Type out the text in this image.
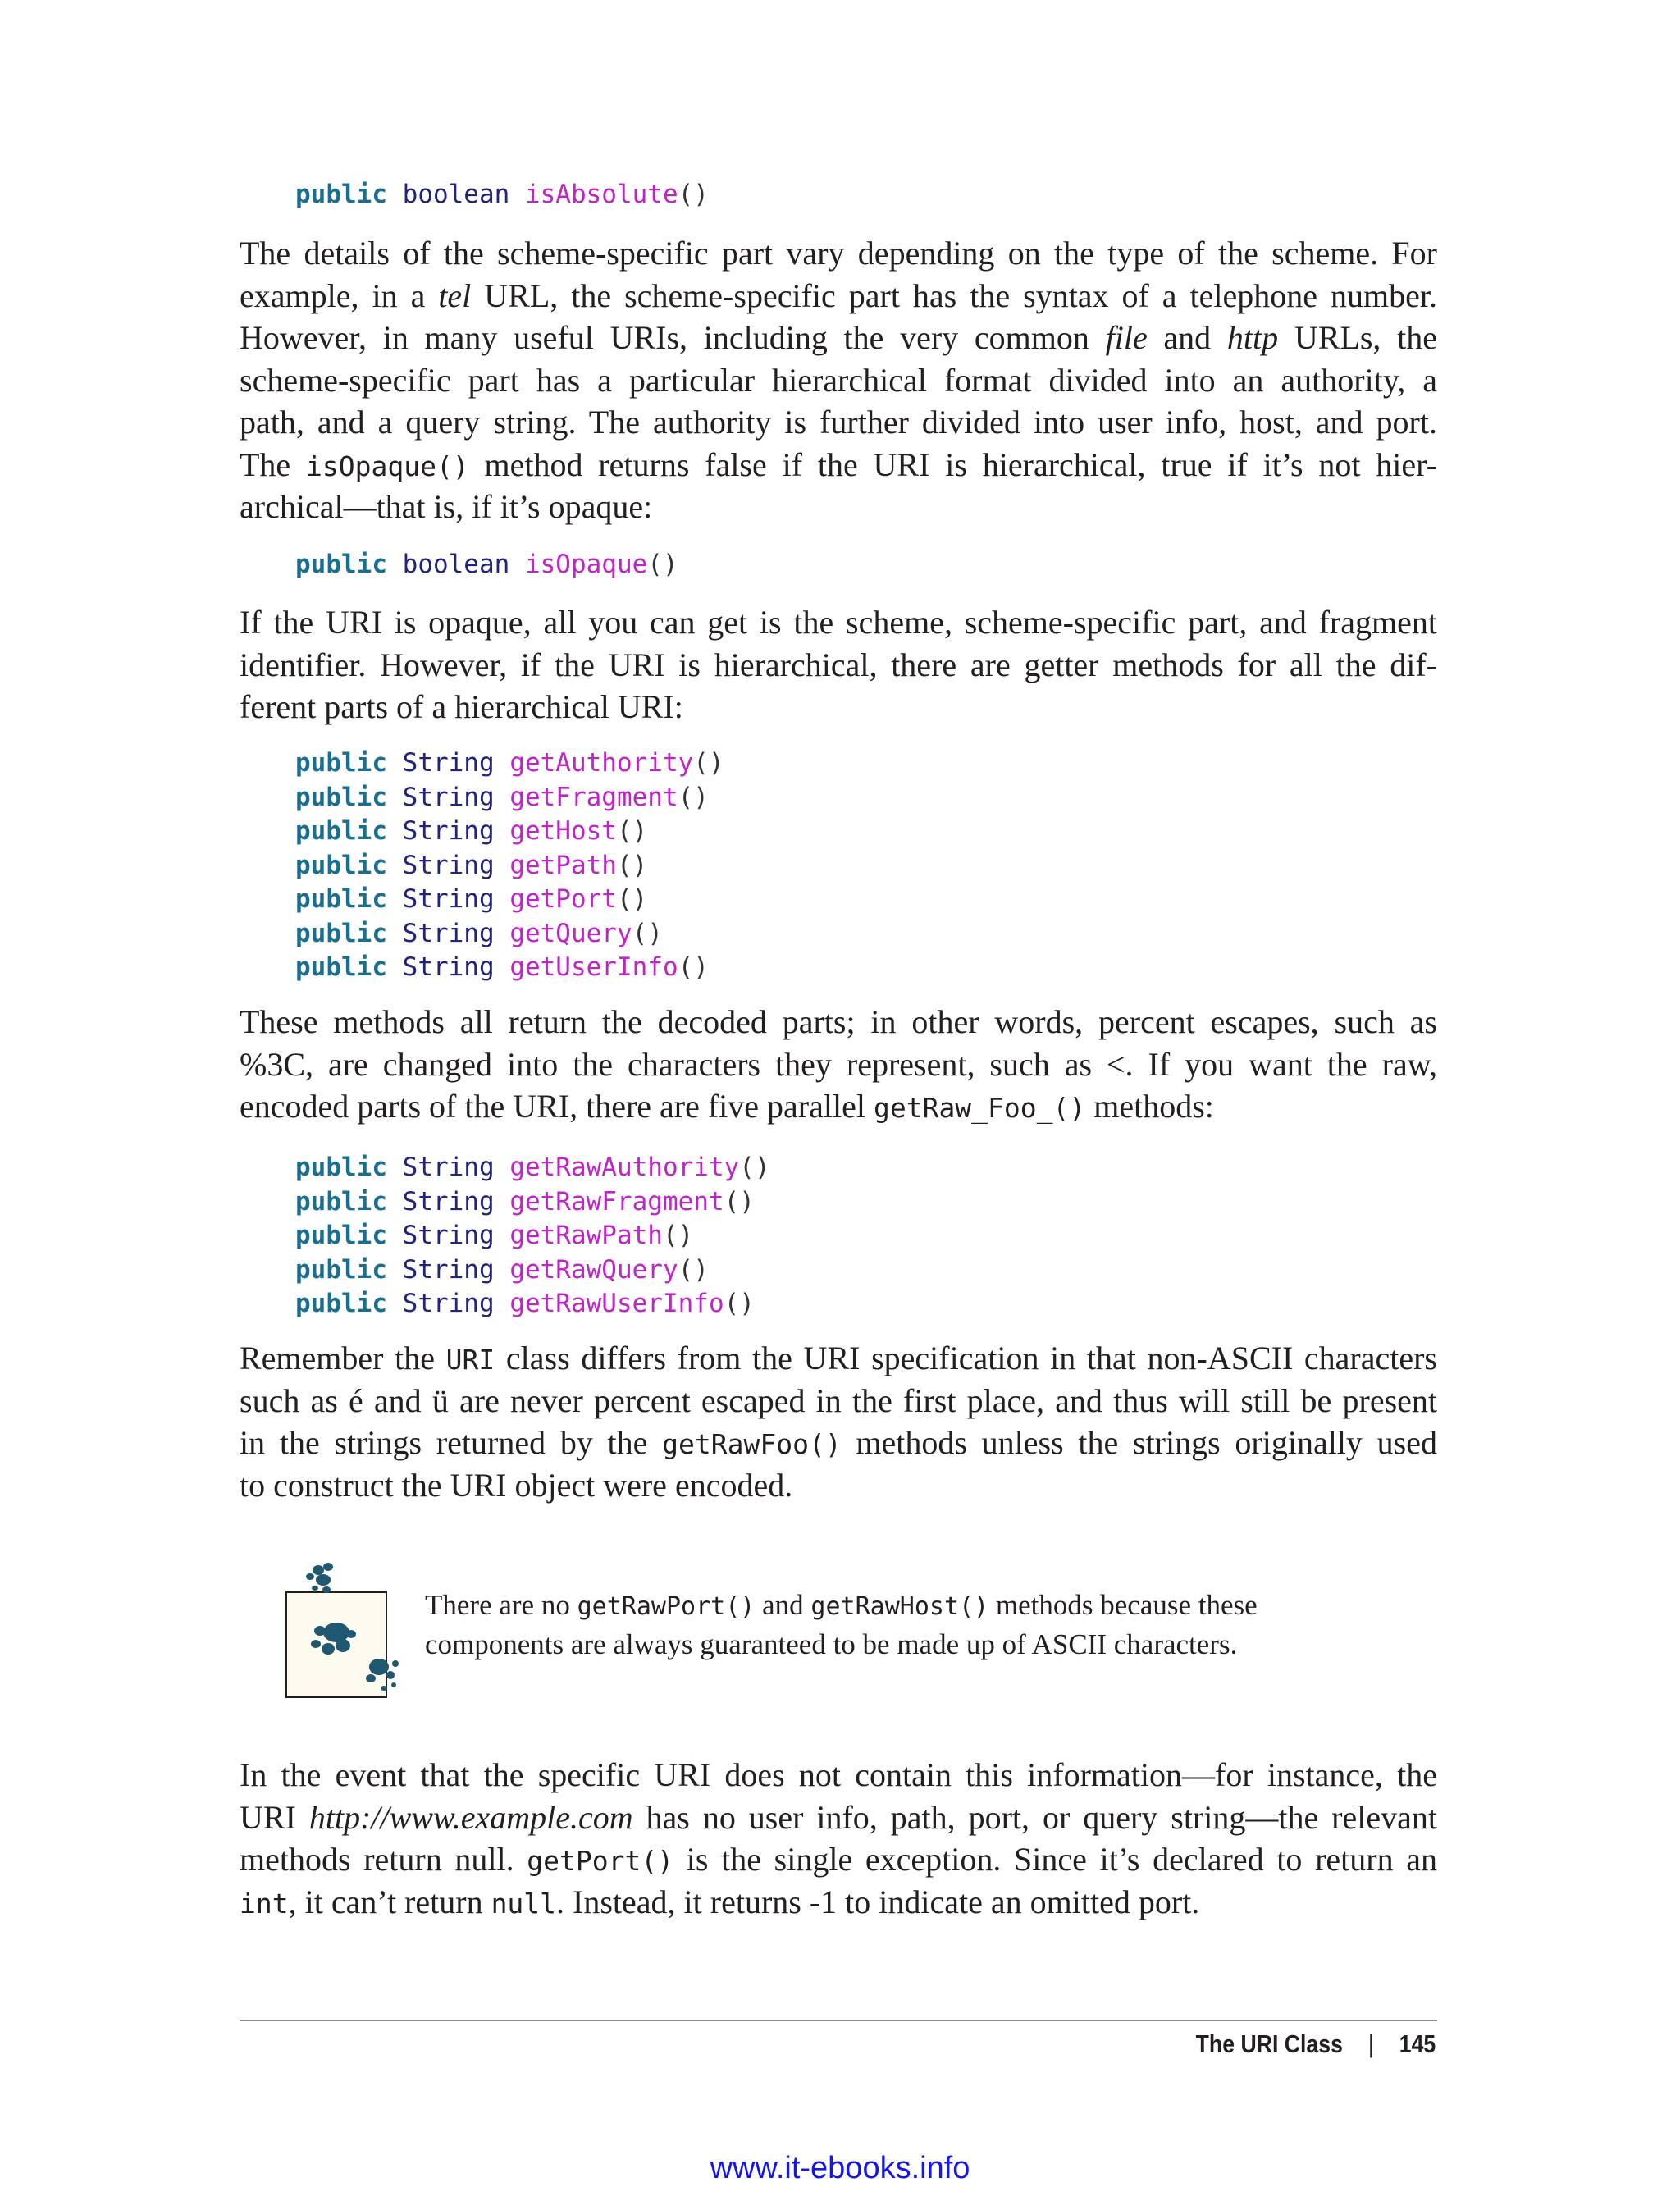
public boolean isAbsolute()
The details of the scheme-specific part vary depending on the type of the scheme. For
example, in a tel URL, the scheme-specific part has the syntax of a telephone number.
However, in many useful URIs, including the very common file and http URLs, the
scheme-specific part has a particular hierarchical format divided into an authority, a
path, and a query string. The authority is further divided into user info, host, and port.
The isOpaque() method returns false if the URI is hierarchical, true if it’s not hier-
archical—that is, if it’s opaque:
public boolean isOpaque()
If the URI is opaque, all you can get is the scheme, scheme-specific part, and fragment
identifier. However, if the URI is hierarchical, there are getter methods for all the dif-
ferent parts of a hierarchical URI:
public String getAuthority()
public String getFragment()
public String getHost()
public String getPath()
public String getPort()
public String getQuery()
public String getUserInfo()
These methods all return the decoded parts; in other words, percent escapes, such as
%3C, are changed into the characters they represent, such as <. If you want the raw,
encoded parts of the URI, there are five parallel getRaw_Foo_() methods:
public String getRawAuthority()
public String getRawFragment()
public String getRawPath()
public String getRawQuery()
public String getRawUserInfo()
Remember the URI class differs from the URI specification in that non-ASCII characters
such as é and ü are never percent escaped in the first place, and thus will still be present
in the strings returned by the getRawFoo() methods unless the strings originally used
to construct the URI object were encoded.
There are no getRawPort() and getRawHost() methods because these
components are always guaranteed to be made up of ASCII characters.
In the event that the specific URI does not contain this information—for instance, the
URI http://www.example.com has no user info, path, port, or query string—the relevant
methods return null. getPort() is the single exception. Since it’s declared to return an
int, it can’t return null. Instead, it returns -1 to indicate an omitted port.
The URI Class | 145
www.it-ebooks.info
